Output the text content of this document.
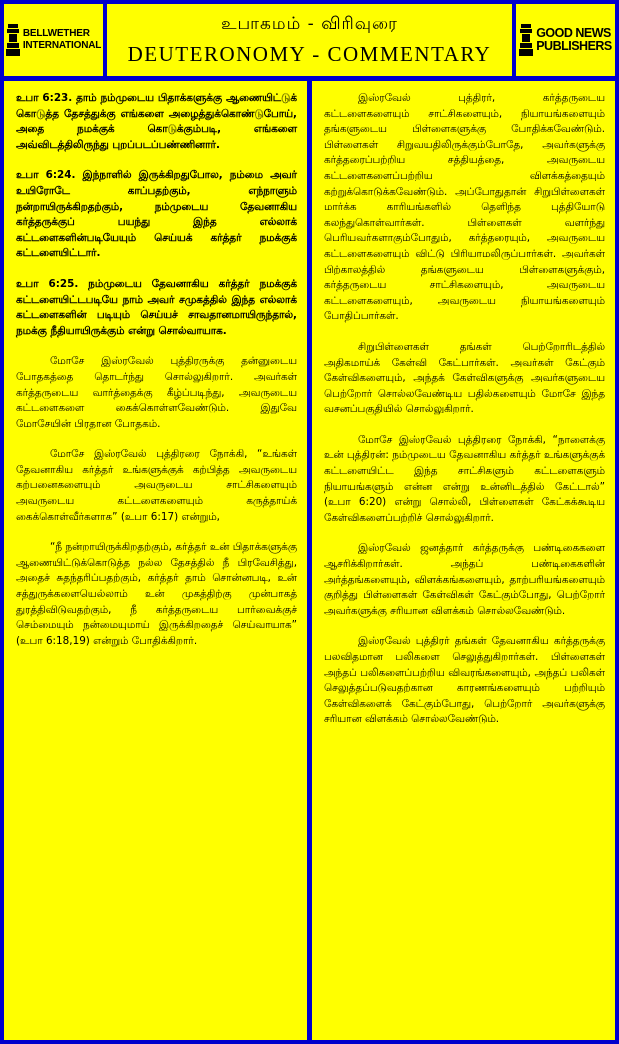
BELLWETHER
INTERNATIONAL
உபாகமம் - விரிவுரை
DEUTERONOMY - COMMENTARY
GOOD NEWS
PUBLISHERS

உபா 6:23. தாம் நம்முடைய பிதாக்களுக்கு ஆணையிட்டுக் கொடுத்த தேசத்துக்கு எங்களை அழைத்துக்கொண்டுபோய், அதை நமக்குக் கொடுக்கும்படி, எங்களை அவ்விடத்திலிருந்து புறப்படப்பண்ணினார்.

உபா 6:24. இந்நாளில் இருக்கிறதுபோல, நம்மை அவர் உயிரோடே காப்பதற்கும், எந்நாளும் நன்றாயிருக்கிறதற்கும், நம்முடைய தேவனாகிய கர்த்தருக்குப் பயந்து இந்த எல்லாக் கட்டளைகளின்படியேயும் செய்யக் கர்த்தர் நமக்குக் கட்டளையிட்டார்.

உபா 6:25. நம்முடைய தேவனாகிய கர்த்தர் நமக்குக் கட்டளையிட்டபடியே நாம் அவர் சமுகத்தில் இந்த எல்லாக் கட்டளைகளின் படியும் செய்யச் சாவதானமாயிருந்தால், நமக்கு நீதியாயிருக்கும் என்று சொல்வாயாக.

மோசே இஸ்ரவேல் புத்திரருக்கு தன்னுடைய போதகத்தை தொடர்ந்து சொல்லுகிறார். அவர்கள் கர்த்தருடைய வார்த்தைக்கு கீழ்ப்படிந்து, அவருடைய கட்டளைகளை கைக்கொள்ளவேண்டும். இதுவே மோசேயின் பிரதான போதகம்.

மோசே இஸ்ரவேல் புத்திரரை நோக்கி, “உங்கள் தேவனாகிய கர்த்தர் உங்களுக்குக் கற்பித்த அவருடைய கற்பனைகளையும் அவருடைய சாட்சிகளையும் அவருடைய கட்டளைகளையும் கருத்தாய்க் கைக்கொள்வீர்களாக” (உபா 6:17) என்றும்,

“நீ நன்றாயிருக்கிறதற்கும், கர்த்தர் உன் பிதாக்களுக்கு ஆணையிட்டுக்கொடுத்த நல்ல தேசத்தில் நீ பிரவேசித்து, அதைச் சுதந்தரிப்பதற்கும், கர்த்தர் தாம் சொன்னபடி, உன் சத்துருக்களையெல்லாம் உன் முகத்திற்கு முன்பாகத் துரத்திவிடுவதற்கும், நீ கர்த்தருடைய பார்வைக்குச் செம்மையும் நன்மையுமாய் இருக்கிறதைச் செய்வாயாக” (உபா 6:18,19) என்றும் போதிக்கிறார்.

இஸ்ரவேல் புத்திரர், கர்த்தருடைய கட்டளைகளையும் சாட்சிகளையும், நியாயங்களையும் தங்களுடைய பிள்ளைகளுக்கு போதிக்கவேண்டும். பிள்ளைகள் சிறுவயதிலிருக்கும்போதே, அவர்களுக்கு கர்த்தரைப்பற்றிய சத்தியத்தை, அவருடைய கட்டளைகளைப்பற்றிய விளக்கத்தையும் கற்றுக்கொடுக்கவேண்டும். அப்போதுதான் சிறுபிள்ளைகள் மார்க்க காரியங்களில் தெளிந்த புத்தியோடு கலந்துகொள்வார்கள். பிள்ளைகள் வளர்ந்து பெரியவர்களாகும்போதும், கர்த்தரையும், அவருடைய கட்டளைகளையும் விட்டு பிரியாமலிருப்பார்கள். அவர்கள் பிற்காலத்தில் தங்களுடைய பிள்ளைகளுக்கும், கர்த்தருடைய சாட்சிகளையும், அவருடைய கட்டளைகளையும், அவருடைய நியாயங்களையும் போதிப்பார்கள்.

சிறுபிள்ளைகள் தங்கள் பெற்றோரிடத்தில் அதிகமாய்க் கேள்வி கேட்பார்கள். அவர்கள் கேட்கும் கேள்விகளையும், அந்தக் கேள்விகளுக்கு அவர்களுடைய பெற்றோர் சொல்லவேண்டிய பதில்களையும் மோசே இந்த வசனப்பகுதியில் சொல்லுகிறார்.

மோசே இஸ்ரவேல் புத்திரரை நோக்கி, “நாளைக்கு உன் புத்திரன்: நம்முடைய தேவனாகிய கர்த்தர் உங்களுக்குக் கட்டளையிட்ட இந்த சாட்சிகளும் கட்டளைகளும் நியாயங்களும் என்ன என்று உன்னிடத்தில் கேட்டால்” (உபா 6:20) என்று சொல்லி, பிள்ளைகள் கேட்கக்கூடிய கேள்விகளைப்பற்றிச் சொல்லுகிறார்.

இஸ்ரவேல் ஜனத்தார் கர்த்தருக்கு பண்டிகைகளை ஆசரிக்கிறார்கள். அந்தப் பண்டிகைகளின் அர்த்தங்களையும், விளக்கங்களையும், தாற்பரியங்களையும் குறித்து பிள்ளைகள் கேள்விகள் கேட்கும்போது, பெற்றோர் அவர்களுக்கு சரியான விளக்கம் சொல்லவேண்டும்.

இஸ்ரவேல் புத்திரர் தங்கள் தேவனாகிய கர்த்தருக்கு பலவிதமான பலிகளை செலுத்துகிறார்கள். பிள்ளைகள் அந்தப் பலிகளைப்பற்றிய விவரங்களையும், அந்தப் பலிகள் செலுத்தப்படுவதற்கான காரணங்களையும் பற்றியும் கேள்விகளைக் கேட்கும்போது, பெற்றோர் அவர்களுக்கு சரியான விளக்கம் சொல்லவேண்டும்.
